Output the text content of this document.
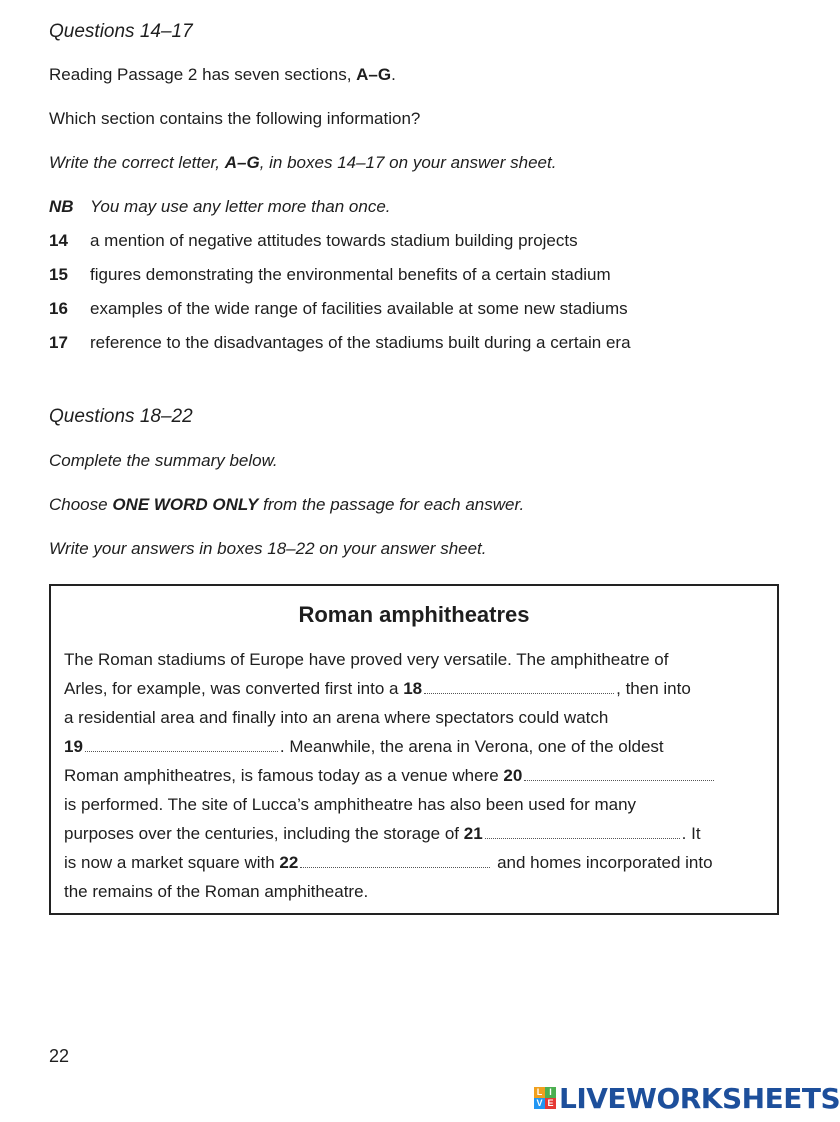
Questions 14–17
Reading Passage 2 has seven sections, A–G.
Which section contains the following information?
Write the correct letter, A–G, in boxes 14–17 on your answer sheet.
NB You may use any letter more than once.
14 a mention of negative attitudes towards stadium building projects
15 figures demonstrating the environmental benefits of a certain stadium
16 examples of the wide range of facilities available at some new stadiums
17 reference to the disadvantages of the stadiums built during a certain era
Questions 18–22
Complete the summary below.
Choose ONE WORD ONLY from the passage for each answer.
Write your answers in boxes 18–22 on your answer sheet.
Roman amphitheatres
The Roman stadiums of Europe have proved very versatile. The amphitheatre of
Arles, for example, was converted first into a 18	, then into
a residential area and finally into an arena where spectators could watch
19	. Meanwhile, the arena in Verona, one of the oldest
Roman amphitheatres, is famous today as a venue where 20
is performed. The site of Lucca’s amphitheatre has also been used for many
purposes over the centuries, including the storage of 21	. It
is now a market square with 22	and homes incorporated into
the remains of the Roman amphitheatre.
22
L I
V E LIVEWORKSHEETS
